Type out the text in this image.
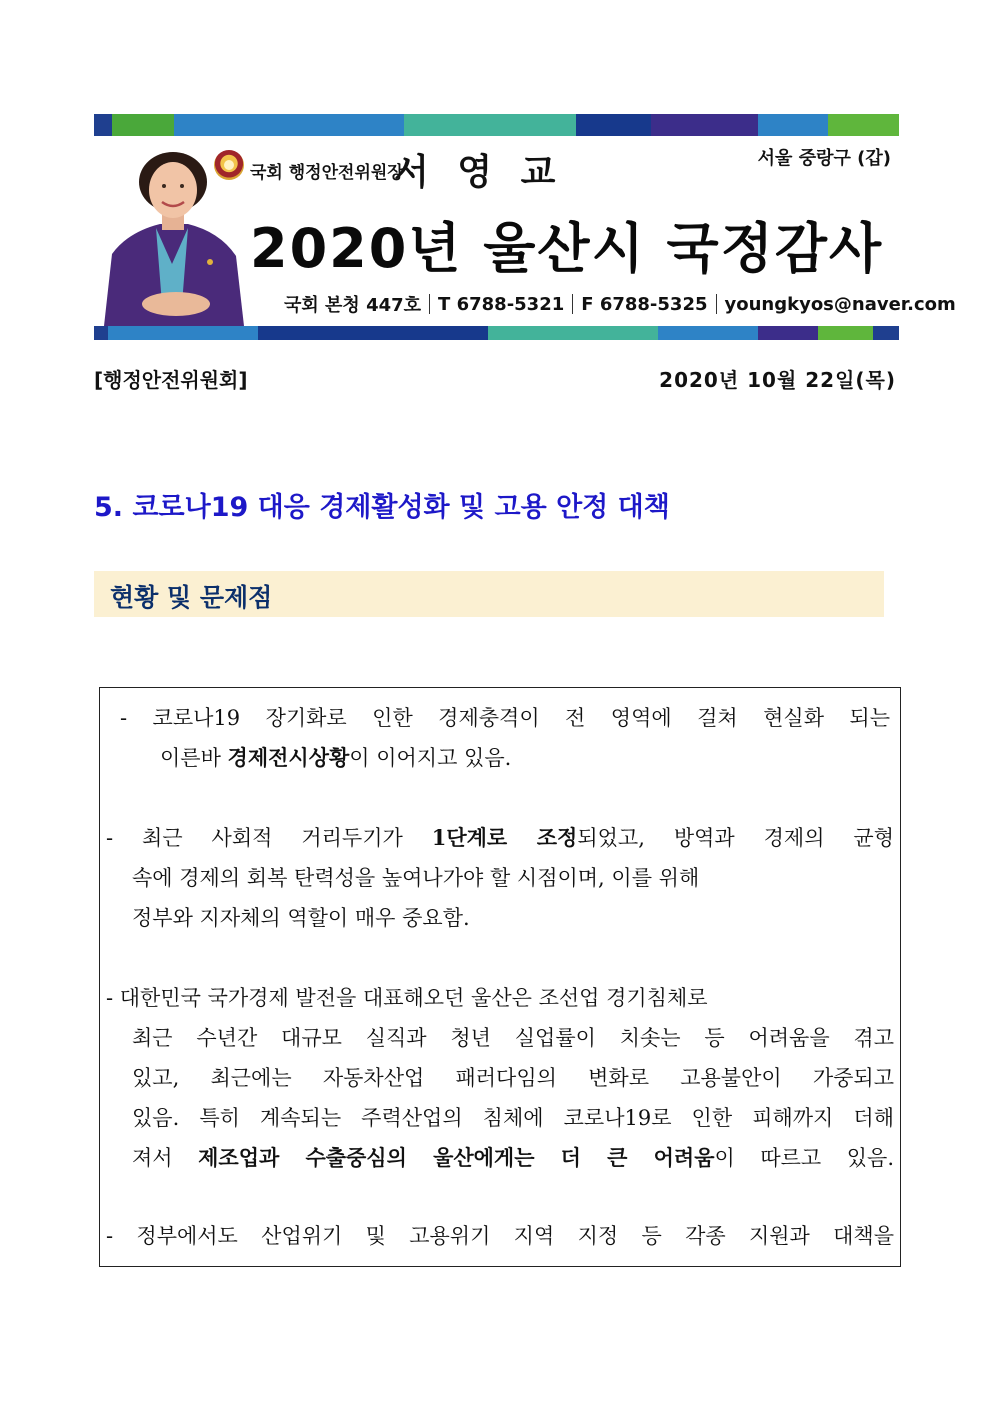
국회 행정안전위원장
서 영 교	서울 중랑구 (갑)
2020년 울산시 국정감사
국회 본청 447호 T 6788-5321 F 6788-5325 youngkyos@naver.com
[행정안전위원회]	2020년 10월 22일(목)
5. 코로나19 대응 경제활성화 및 고용 안정 대책
현황 및 문제점
- 코로나19 장기화로 인한 경제충격이 전 영역에 걸쳐 현실화 되는
이른바 경제전시상황이 이어지고 있음.
- 최근 사회적 거리두기가 1단계로 조정되었고, 방역과 경제의 균형
속에 경제의 회복 탄력성을 높여나가야 할 시점이며, 이를 위해
정부와 지자체의 역할이 매우 중요함.
- 대한민국 국가경제 발전을 대표해오던 울산은 조선업 경기침체로
최근 수년간 대규모 실직과 청년 실업률이 치솟는 등 어려움을 겪고
있고, 최근에는 자동차산업 패러다임의 변화로 고용불안이 가중되고
있음. 특히 계속되는 주력산업의 침체에 코로나19로 인한 피해까지 더해
져서 제조업과 수출중심의 울산에게는 더 큰 어려움이 따르고 있음.
- 정부에서도 산업위기 및 고용위기 지역 지정 등 각종 지원과 대책을
